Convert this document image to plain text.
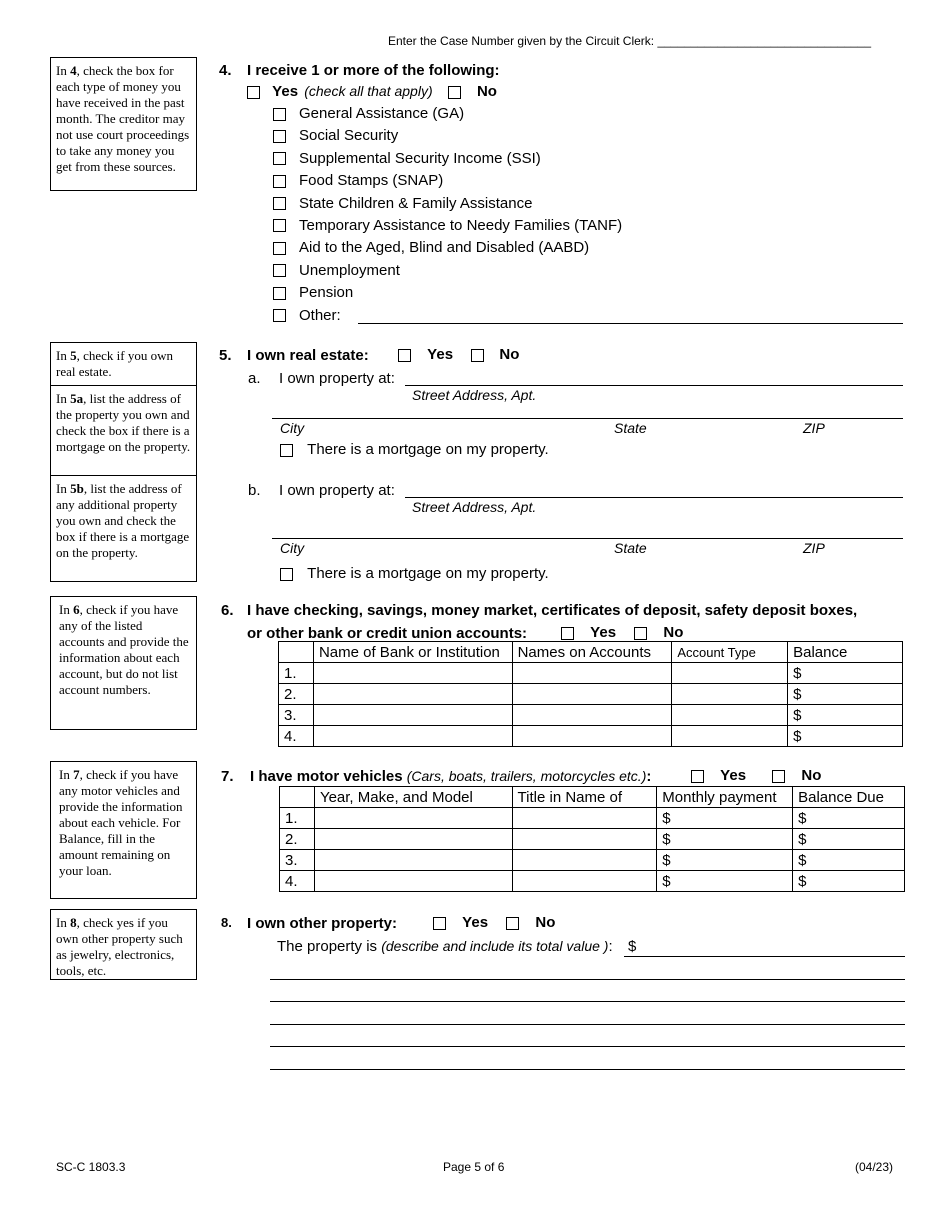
Enter the Case Number given by the Circuit Clerk: ________________________________
In 4, check the box for each type of money you have received in the past month. The creditor may not use court proceedings to take any money you get from these sources.
In 5, check if you own real estate.
In 5a, list the address of the property you own and check the box if there is a mortgage on the property.
In 5b, list the address of any additional property you own and check the box if there is a mortgage on the property.
In 6, check if you have any of the listed accounts and provide the information about each account, but do not list account numbers.
In 7, check if you have any motor vehicles and provide the information about each vehicle. For Balance, fill in the amount remaining on your loan.
In 8, check yes if you own other property such as jewelry, electronics, tools, etc.
4. I receive 1 or more of the following:
Yes (check all that apply)	No
General Assistance (GA)
Social Security
Supplemental Security Income (SSI)
Food Stamps (SNAP)
State Children & Family Assistance
Temporary Assistance to Needy Families (TANF)
Aid to the Aged, Blind and Disabled (AABD)
Unemployment
Pension
Other:
5. I own real estate:	Yes	No
a. I own property at:
Street Address, Apt.
City	State	ZIP
There is a mortgage on my property.
b. I own property at:
Street Address, Apt.
City	State	ZIP
There is a mortgage on my property.
6. I have checking, savings, money market, certificates of deposit, safety deposit boxes,
or other bank or credit union accounts:	Yes	No
	Name of Bank or Institution	Names on Accounts	Account Type	Balance
1.				$
2.				$
3.				$
4.				$
7. I have motor vehicles (Cars, boats, trailers, motorcycles etc.):	Yes	No
	Year, Make, and Model	Title in Name of	Monthly payment	Balance Due
1.			$	$
2.			$	$
3.			$	$
4.			$	$
8. I own other property:	Yes	No
The property is (describe and include its total value ): $
SC-C 1803.3	Page 5 of 6	(04/23)
